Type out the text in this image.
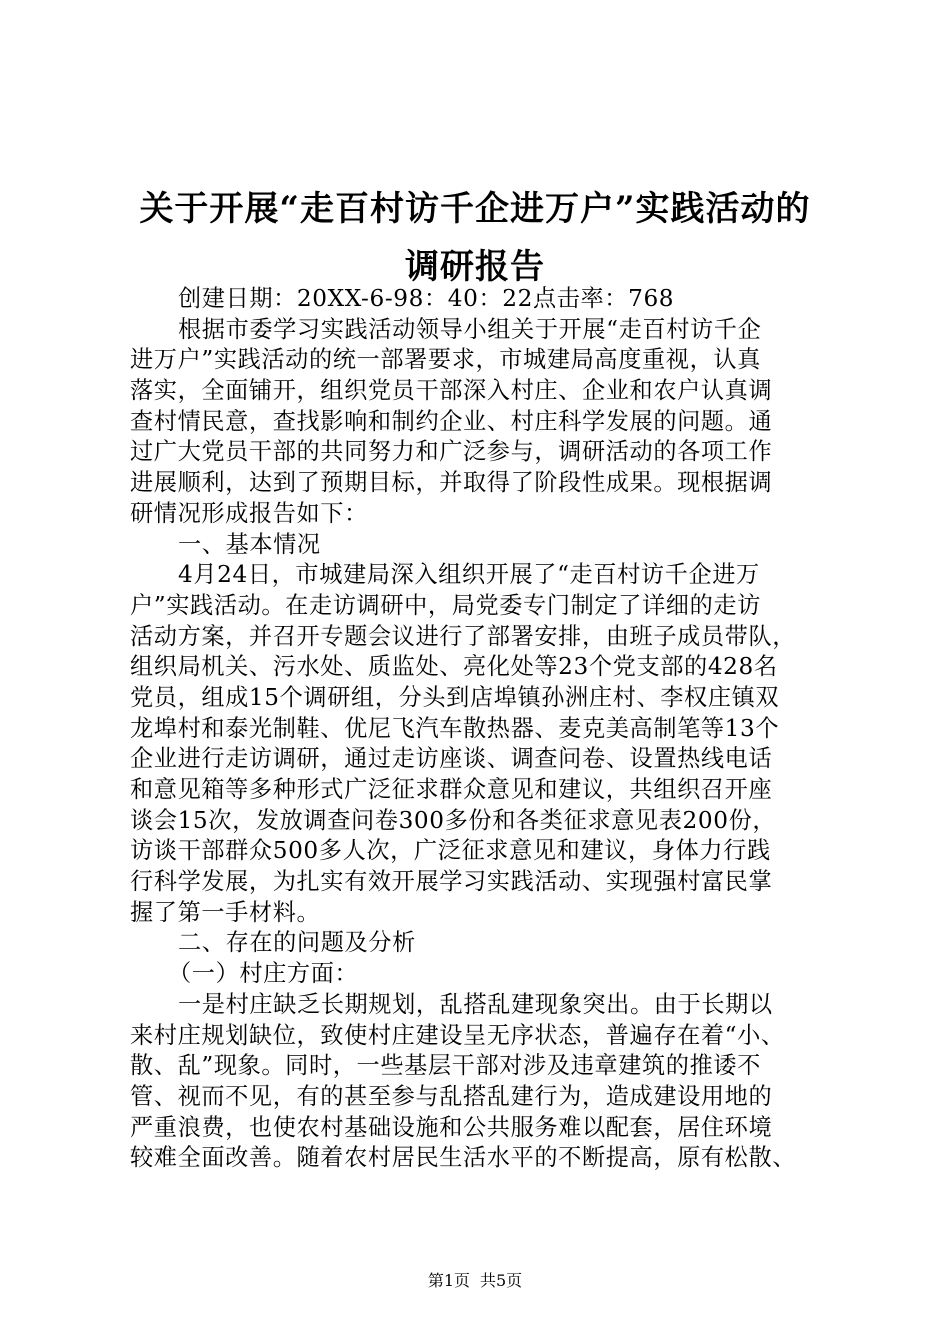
关于开展“走百村访千企进万户”实践活动的
调研报告
创建日期：20XX-6-98：40：22点击率：768
根据市委学习实践活动领导小组关于开展“走百村访千企
进万户”实践活动的统一部署要求，市城建局高度重视，认真
落实，全面铺开，组织党员干部深入村庄、企业和农户认真调
查村情民意，查找影响和制约企业、村庄科学发展的问题。通
过广大党员干部的共同努力和广泛参与，调研活动的各项工作
进展顺利，达到了预期目标，并取得了阶段性成果。现根据调
研情况形成报告如下：
一、基本情况
4月24日，市城建局深入组织开展了“走百村访千企进万
户”实践活动。在走访调研中，局党委专门制定了详细的走访
活动方案，并召开专题会议进行了部署安排，由班子成员带队，
组织局机关、污水处、质监处、亮化处等23个党支部的428名
党员，组成15个调研组，分头到店埠镇孙洲庄村、李权庄镇双
龙埠村和泰光制鞋、优尼飞汽车散热器、麦克美高制笔等13个
企业进行走访调研，通过走访座谈、调查问卷、设置热线电话
和意见箱等多种形式广泛征求群众意见和建议，共组织召开座
谈会15次，发放调查问卷300多份和各类征求意见表200份，
访谈干部群众500多人次，广泛征求意见和建议，身体力行践
行科学发展，为扎实有效开展学习实践活动、实现强村富民掌
握了第一手材料。
二、存在的问题及分析
（一）村庄方面：
一是村庄缺乏长期规划，乱搭乱建现象突出。由于长期以
来村庄规划缺位，致使村庄建设呈无序状态，普遍存在着“小、
散、乱”现象。同时，一些基层干部对涉及违章建筑的推诿不
管、视而不见，有的甚至参与乱搭乱建行为，造成建设用地的
严重浪费，也使农村基础设施和公共服务难以配套，居住环境
较难全面改善。随着农村居民生活水平的不断提高，原有松散、
第1页 共5页
